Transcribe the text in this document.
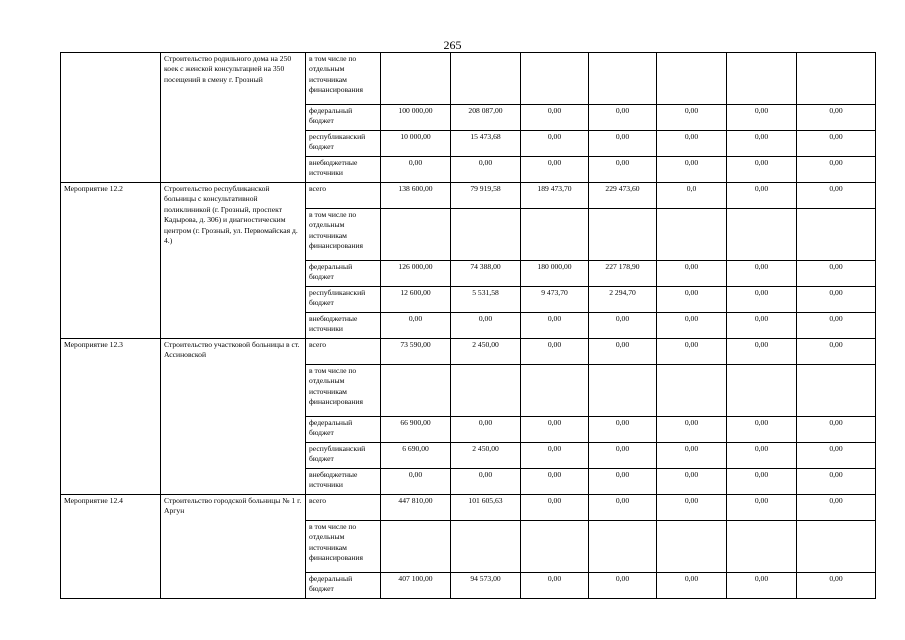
265
	Строительство родильного дома на 250 коек с женской консультацией на 350 посещений в смену г. Грозный	в том числе по отдельным источникам финансирования							
		федеральный бюджет	100 000,00	208 087,00	0,00	0,00	0,00	0,00	0,00
		республиканский бюджет	10 000,00	15 473,68	0,00	0,00	0,00	0,00	0,00
		внебюджетные источники	0,00	0,00	0,00	0,00	0,00	0,00	0,00
Мероприятие 12.2	Строительство республиканской больницы с консультативной поликлиникой (г. Грозный, проспект Кадырова, д. 306) и диагностическим центром (г. Грозный, ул. Первомайская д. 4.)	всего	138 600,00	79 919,58	189 473,70	229 473,60	0,0	0,00	0,00
		в том числе по отдельным источникам финансирования							
		федеральный бюджет	126 000,00	74 388,00	180 000,00	227 178,90	0,00	0,00	0,00
		республиканский бюджет	12 600,00	5 531,58	9 473,70	2 294,70	0,00	0,00	0,00
		внебюджетные источники	0,00	0,00	0,00	0,00	0,00	0,00	0,00
Мероприятие 12.3	Строительство участковой больницы в ст. Ассиновской	всего	73 590,00	2 450,00	0,00	0,00	0,00	0,00	0,00
		в том числе по отдельным источникам финансирования							
		федеральный бюджет	66 900,00	0,00	0,00	0,00	0,00	0,00	0,00
		республиканский бюджет	6 690,00	2 450,00	0,00	0,00	0,00	0,00	0,00
		внебюджетные источники	0,00	0,00	0,00	0,00	0,00	0,00	0,00
Мероприятие 12.4	Строительство городской больницы № 1 г. Аргун	всего	447 810,00	101 605,63	0,00	0,00	0,00	0,00	0,00
		в том числе по отдельным источникам финансирования							
		федеральный бюджет	407 100,00	94 573,00	0,00	0,00	0,00	0,00	0,00
